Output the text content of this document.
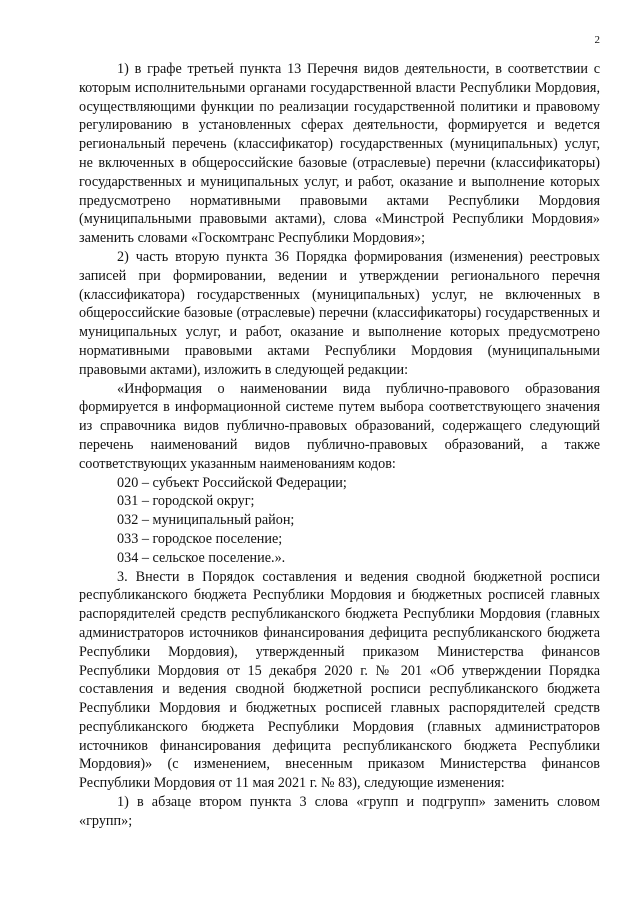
2

1) в графе третьей пункта 13 Перечня видов деятельности, в соответствии с которым исполнительными органами государственной власти Республики Мордовия, осуществляющими функции по реализации государственной политики и правовому регулированию в установленных сферах деятельности, формируется и ведется региональный перечень (классификатор) государственных (муниципальных) услуг, не включенных в общероссийские базовые (отраслевые) перечни (классификаторы) государственных и муниципальных услуг, и работ, оказание и выполнение которых предусмотрено нормативными правовыми актами Республики Мордовия (муниципальными правовыми актами), слова «Минстрой Республики Мордовия» заменить словами «Госкомтранс Республики Мордовия»;

2) часть вторую пункта 36 Порядка формирования (изменения) реестровых записей при формировании, ведении и утверждении регионального перечня (классификатора) государственных (муниципальных) услуг, не включенных в общероссийские базовые (отраслевые) перечни (классификаторы) государственных и муниципальных услуг, и работ, оказание и выполнение которых предусмотрено нормативными правовыми актами Республики Мордовия (муниципальными правовыми актами), изложить в следующей редакции:

«Информация о наименовании вида публично-правового образования формируется в информационной системе путем выбора соответствующего значения из справочника видов публично-правовых образований, содержащего следующий перечень наименований видов публично-правовых образований, а также соответствующих указанным наименованиям кодов:

020 – субъект Российской Федерации;

031 – городской округ;

032 – муниципальный район;

033 – городское поселение;

034 – сельское поселение.».

3. Внести в Порядок составления и ведения сводной бюджетной росписи республиканского бюджета Республики Мордовия и бюджетных росписей главных распорядителей средств республиканского бюджета Республики Мордовия (главных администраторов источников финансирования дефицита республиканского бюджета Республики Мордовия), утвержденный приказом Министерства финансов Республики Мордовия от 15 декабря 2020 г. № 201 «Об утверждении Порядка составления и ведения сводной бюджетной росписи республиканского бюджета Республики Мордовия и бюджетных росписей главных распорядителей средств республиканского бюджета Республики Мордовия (главных администраторов источников финансирования дефицита республиканского бюджета Республики Мордовия)» (с изменением, внесенным приказом Министерства финансов Республики Мордовия от 11 мая 2021 г. № 83), следующие изменения:

1) в абзаце втором пункта 3 слова «групп и подгрупп» заменить словом «групп»;
